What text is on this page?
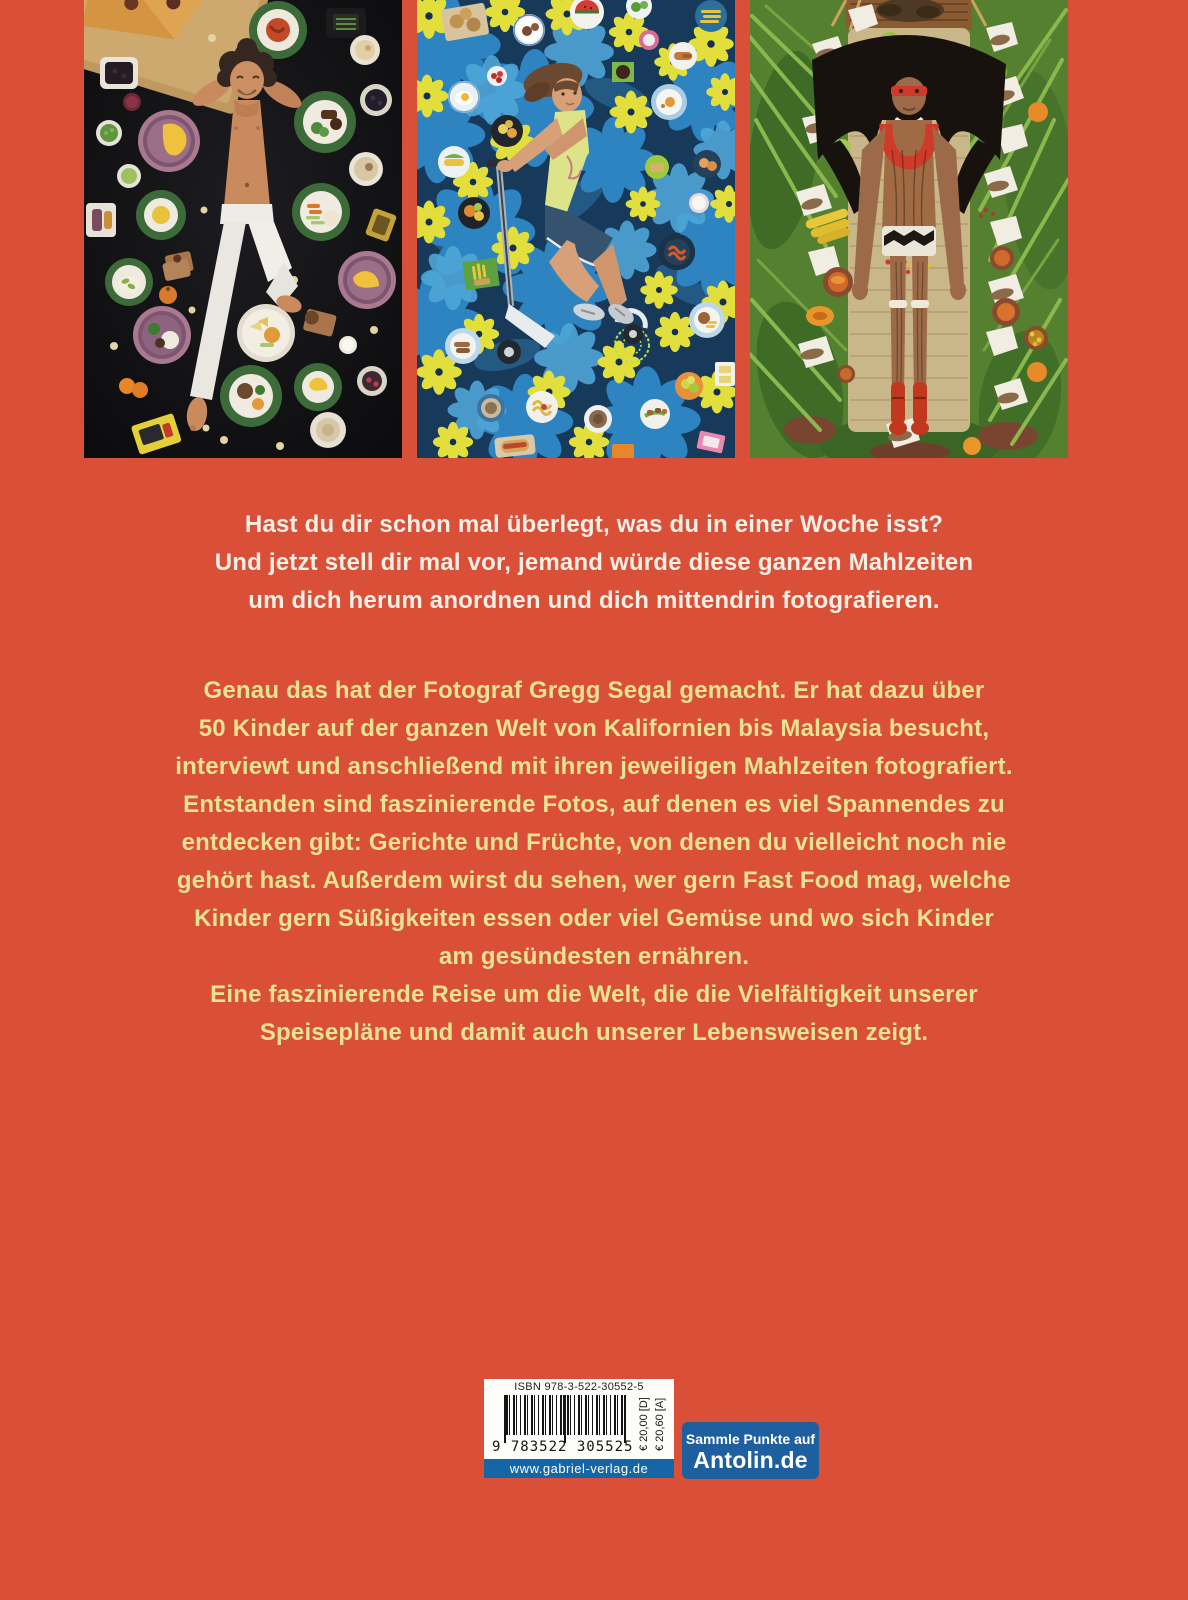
Hast du dir schon mal überlegt, was du in einer Woche isst?
Und jetzt stell dir mal vor, jemand würde diese ganzen Mahlzeiten
um dich herum anordnen und dich mittendrin fotografieren.
Genau das hat der Fotograf Gregg Segal gemacht. Er hat dazu über
50 Kinder auf der ganzen Welt von Kalifornien bis Malaysia besucht,
interviewt und anschließend mit ihren jeweiligen Mahlzeiten fotografiert.
Entstanden sind faszinierende Fotos, auf denen es viel Spannendes zu
entdecken gibt: Gerichte und Früchte, von denen du vielleicht noch nie
gehört hast. Außerdem wirst du sehen, wer gern Fast Food mag, welche
Kinder gern Süßigkeiten essen oder viel Gemüse und wo sich Kinder
am gesündesten ernähren.
Eine faszinierende Reise um die Welt, die die Vielfältigkeit unserer
Speisepläne und damit auch unserer Lebensweisen zeigt.
ISBN 978-3-522-30552-5
9 783522 305525 € 20,00 [D] € 20,60 [A]
www.gabriel-verlag.de
Sammle Punkte auf
Antolin.de
